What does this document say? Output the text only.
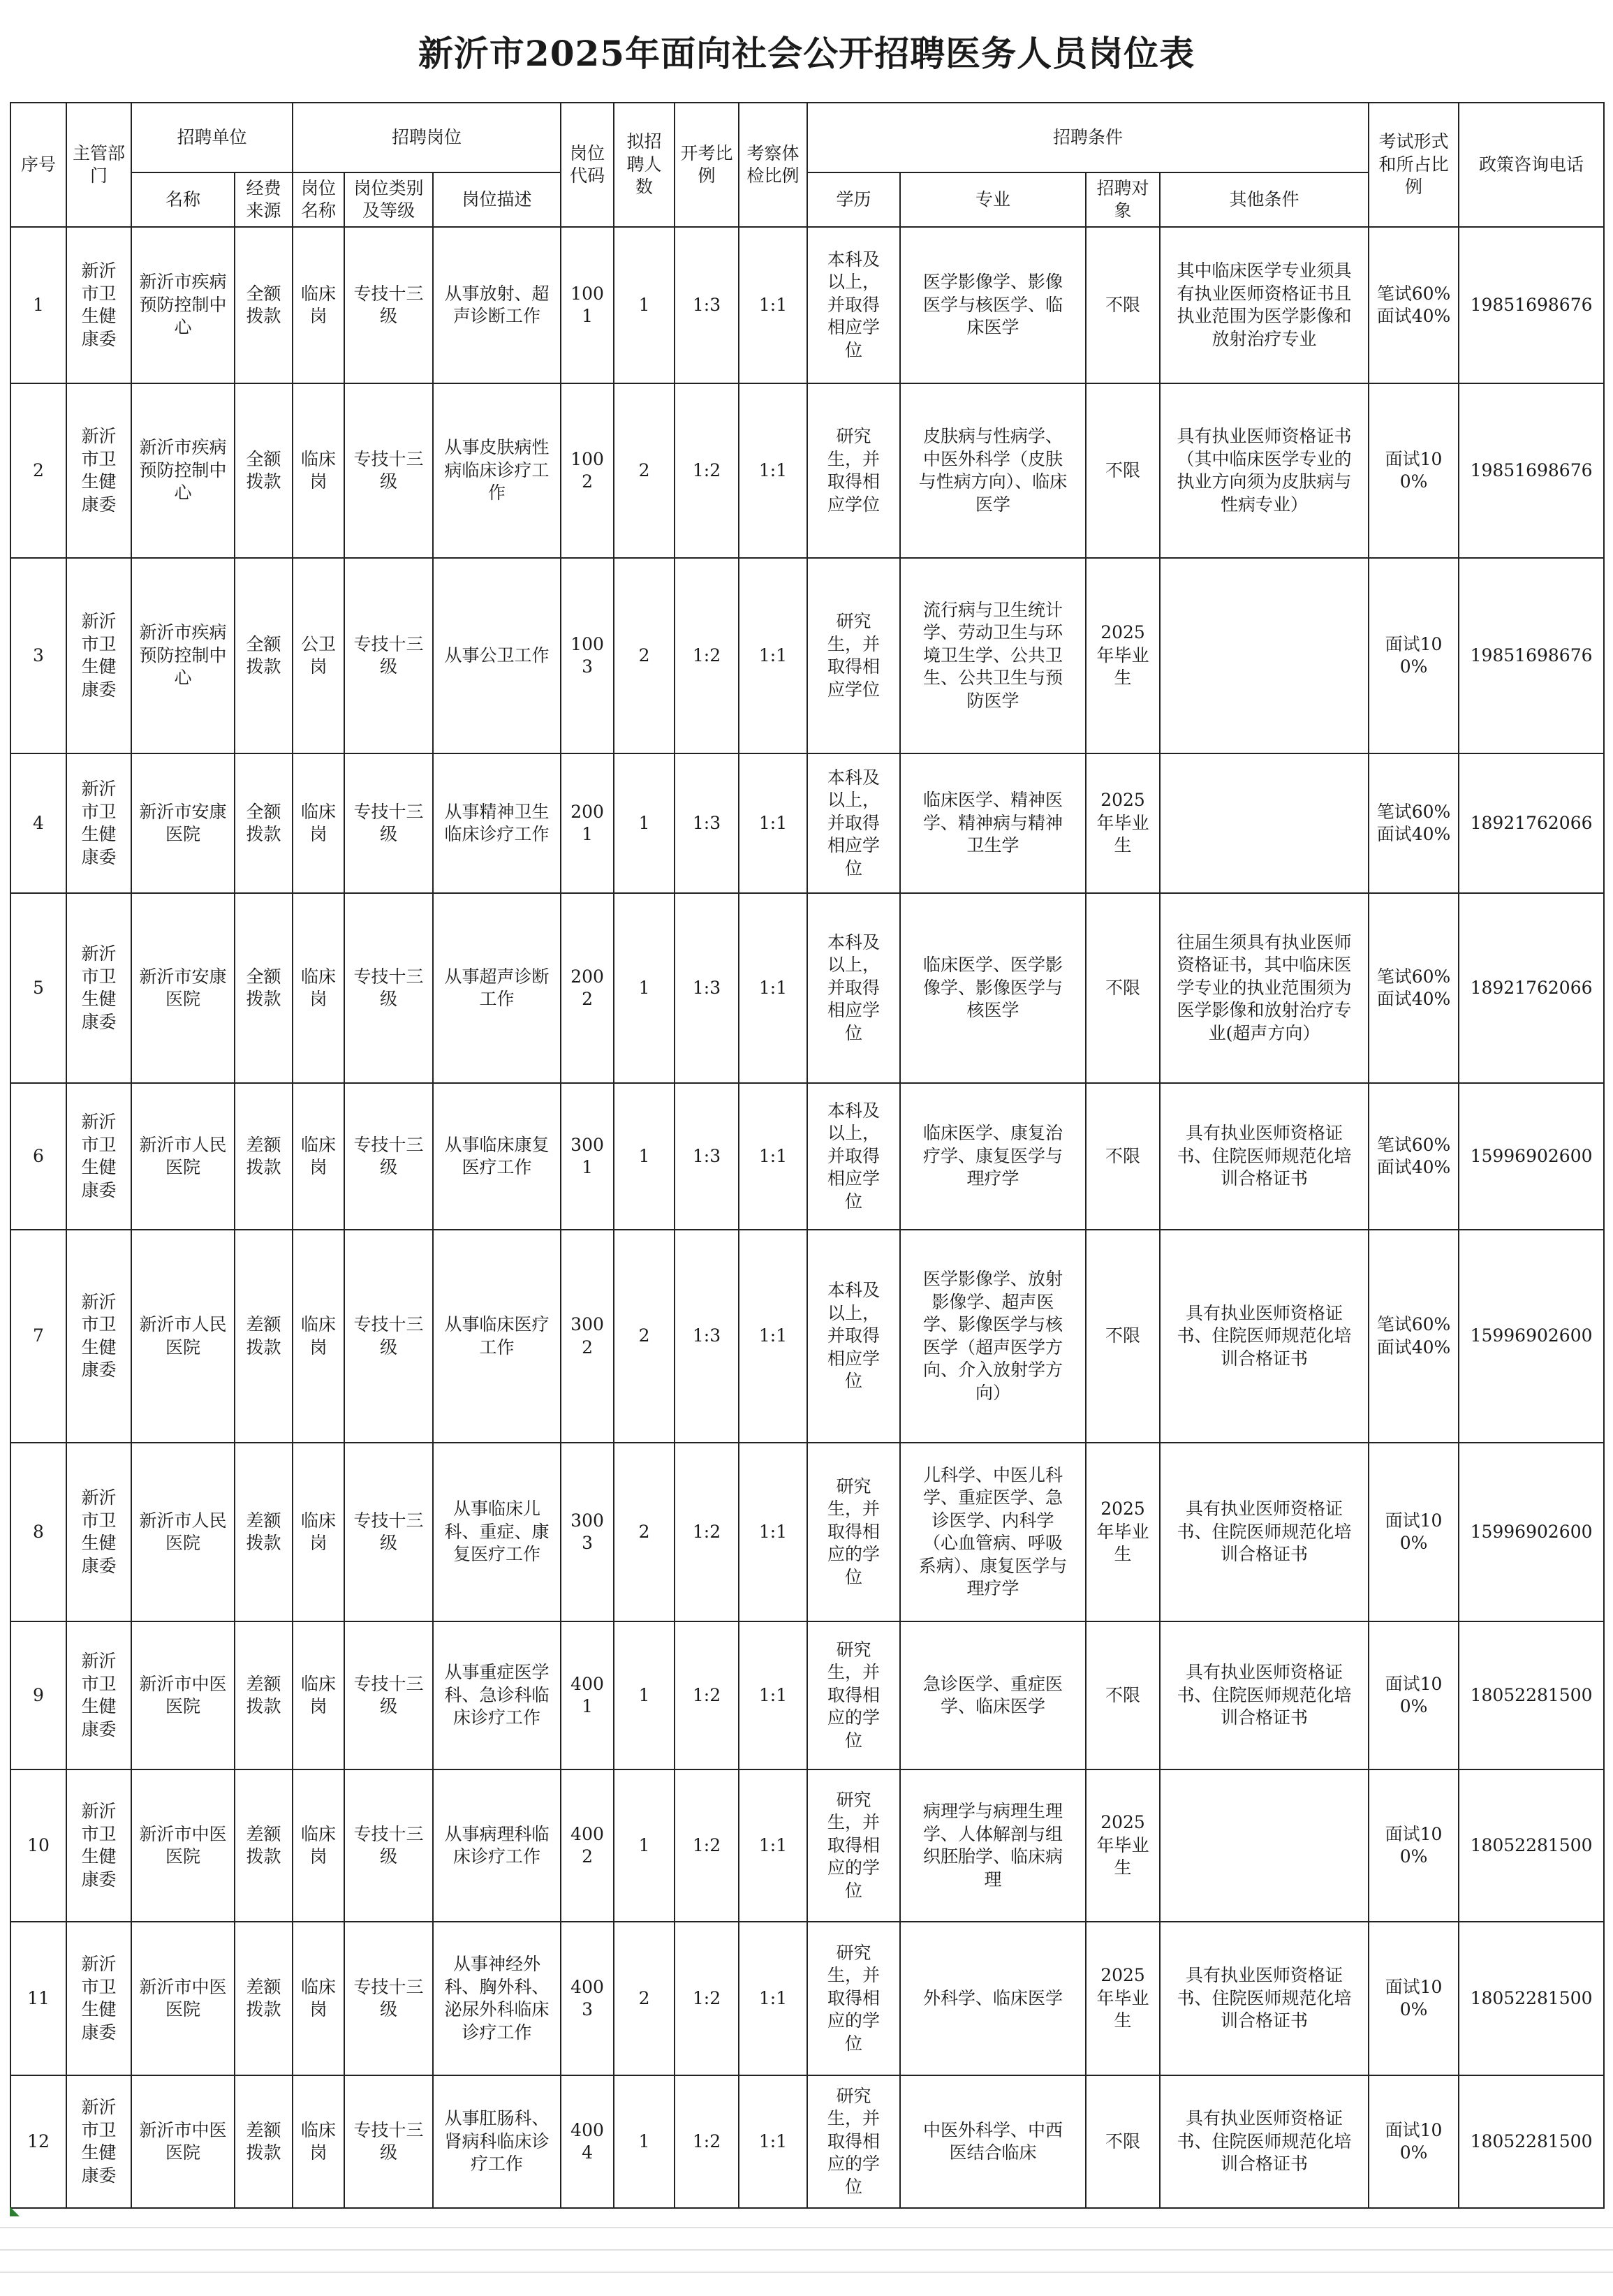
新沂市2025年面向社会公开招聘医务人员岗位表
序号	主管部门	招聘单位		招聘岗位			岗位代码	拟招聘人数	开考比例	考察体检比例	招聘条件				考试形式和所占比例	政策咨询电话
		名称	经费来源	岗位名称	岗位类别及等级	岗位描述					学历	专业	招聘对象	其他条件		

1	新沂市卫生健康委	新沂市疾病预防控制中心	全额拨款	临床岗	专技十三级	从事放射、超声诊断工作	1001	1	1:3	1:1	本科及以上，并取得相应学位	医学影像学、影像医学与核医学、临床医学	不限	其中临床医学专业须具有执业医师资格证书且执业范围为医学影像和放射治疗专业	笔试60%
面试40%	19851698676

2	新沂市卫生健康委	新沂市疾病预防控制中心	全额拨款	临床岗	专技十三级	从事皮肤病性病临床诊疗工作	1002	2	1:2	1:1	研究生，并取得相应学位	皮肤病与性病学、中医外科学（皮肤与性病方向）、临床医学	不限	具有执业医师资格证书（其中临床医学专业的执业方向须为皮肤病与性病专业）	面试100%	19851698676

3	新沂市卫生健康委	新沂市疾病预防控制中心	全额拨款	公卫岗	专技十三级	从事公卫工作	1003	2	1:2	1:1	研究生，并取得相应学位	流行病与卫生统计学、劳动卫生与环境卫生学、公共卫生、公共卫生与预防医学	2025年毕业生		面试100%	19851698676

4	新沂市卫生健康委	新沂市安康医院	全额拨款	临床岗	专技十三级	从事精神卫生临床诊疗工作	2001	1	1:3	1:1	本科及以上，并取得相应学位	临床医学、精神医学、精神病与精神卫生学	2025年毕业生		笔试60%
面试40%	18921762066

5	新沂市卫生健康委	新沂市安康医院	全额拨款	临床岗	专技十三级	从事超声诊断工作	2002	1	1:3	1:1	本科及以上，并取得相应学位	临床医学、医学影像学、影像医学与核医学	不限	往届生须具有执业医师资格证书，其中临床医学专业的执业范围须为医学影像和放射治疗专业(超声方向）	笔试60%
面试40%	18921762066

6	新沂市卫生健康委	新沂市人民医院	差额拨款	临床岗	专技十三级	从事临床康复医疗工作	3001	1	1:3	1:1	本科及以上，并取得相应学位	临床医学、康复治疗学、康复医学与理疗学	不限	具有执业医师资格证书、住院医师规范化培训合格证书	笔试60%
面试40%	15996902600

7	新沂市卫生健康委	新沂市人民医院	差额拨款	临床岗	专技十三级	从事临床医疗工作	3002	2	1:3	1:1	本科及以上，并取得相应学位	医学影像学、放射影像学、超声医学、影像医学与核医学（超声医学方向、介入放射学方向）	不限	具有执业医师资格证书、住院医师规范化培训合格证书	笔试60%
面试40%	15996902600

8	新沂市卫生健康委	新沂市人民医院	差额拨款	临床岗	专技十三级	从事临床儿科、重症、康复医疗工作	3003	2	1:2	1:1	研究生，并取得相应的学位	儿科学、中医儿科学、重症医学、急诊医学、内科学（心血管病、呼吸系病）、康复医学与理疗学	2025年毕业生	具有执业医师资格证书、住院医师规范化培训合格证书	面试100%	15996902600

9	新沂市卫生健康委	新沂市中医医院	差额拨款	临床岗	专技十三级	从事重症医学科、急诊科临床诊疗工作	4001	1	1:2	1:1	研究生，并取得相应的学位	急诊医学、重症医学、临床医学	不限	具有执业医师资格证书、住院医师规范化培训合格证书	面试100%	18052281500

10	新沂市卫生健康委	新沂市中医医院	差额拨款	临床岗	专技十三级	从事病理科临床诊疗工作	4002	1	1:2	1:1	研究生，并取得相应的学位	病理学与病理生理学、人体解剖与组织胚胎学、临床病理	2025年毕业生		面试100%	18052281500

11	新沂市卫生健康委	新沂市中医医院	差额拨款	临床岗	专技十三级	从事神经外科、胸外科、泌尿外科临床诊疗工作	4003	2	1:2	1:1	研究生，并取得相应的学位	外科学、临床医学	2025年毕业生	具有执业医师资格证书、住院医师规范化培训合格证书	面试100%	18052281500

12	新沂市卫生健康委	新沂市中医医院	差额拨款	临床岗	专技十三级	从事肛肠科、肾病科临床诊疗工作	4004	1	1:2	1:1	研究生，并取得相应的学位	中医外科学、中西医结合临床	不限	具有执业医师资格证书、住院医师规范化培训合格证书	面试100%	18052281500
